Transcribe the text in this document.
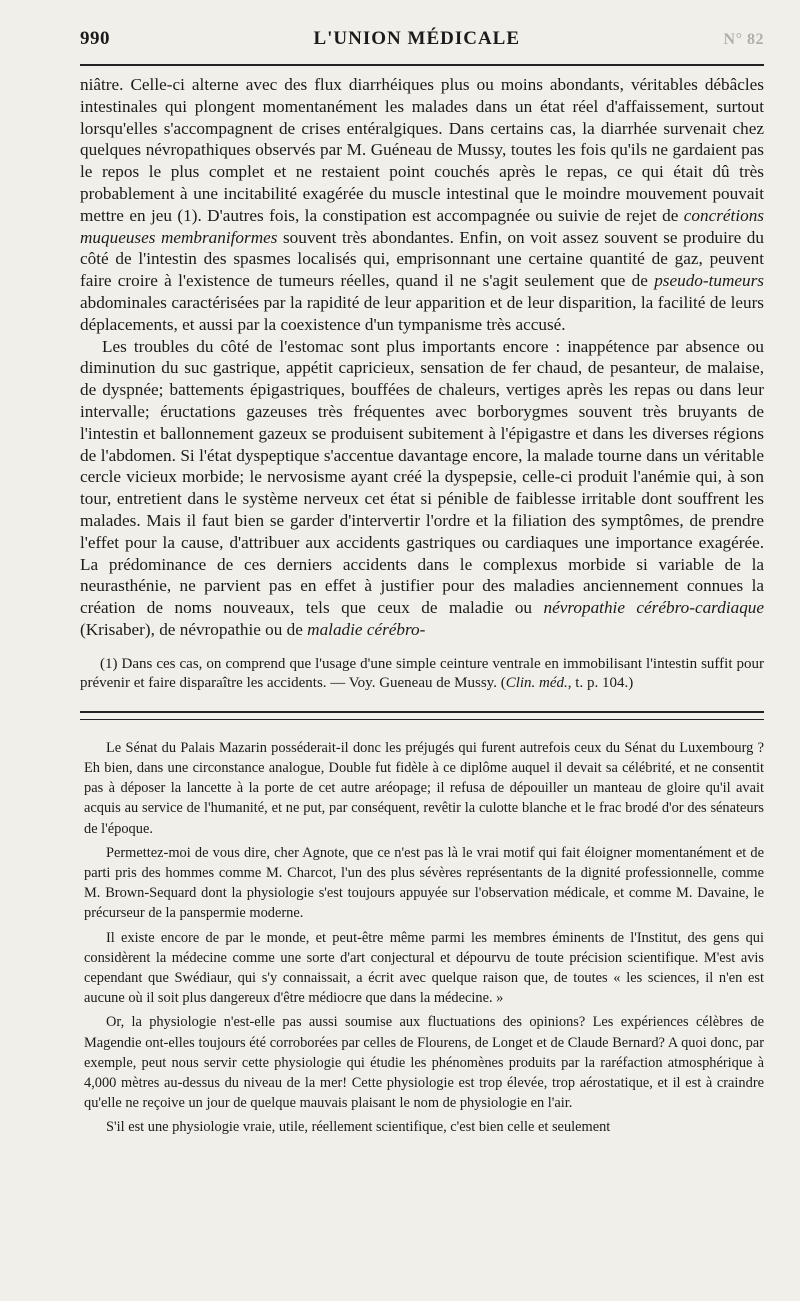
990	L'UNION MÉDICALE	N° 82

niâtre. Celle-ci alterne avec des flux diarrhéiques plus ou moins abondants, véritables débâcles intestinales qui plongent momentanément les malades dans un état réel d'affaissement, surtout lorsqu'elles s'accompagnent de crises entéralgiques. Dans certains cas, la diarrhée survenait chez quelques névropathiques observés par M. Guéneau de Mussy, toutes les fois qu'ils ne gardaient pas le repos le plus complet et ne restaient point couchés après le repas, ce qui était dû très probablement à une incitabilité exagérée du muscle intestinal que le moindre mouvement pouvait mettre en jeu (1). D'autres fois, la constipation est accompagnée ou suivie de rejet de concrétions muqueuses membraniformes souvent très abondantes. Enfin, on voit assez souvent se produire du côté de l'intestin des spasmes localisés qui, emprisonnant une certaine quantité de gaz, peuvent faire croire à l'existence de tumeurs réelles, quand il ne s'agit seulement que de pseudo-tumeurs abdominales caractérisées par la rapidité de leur apparition et de leur disparition, la facilité de leurs déplacements, et aussi par la coexistence d'un tympanisme très accusé.

Les troubles du côté de l'estomac sont plus importants encore : inappétence par absence ou diminution du suc gastrique, appétit capricieux, sensation de fer chaud, de pesanteur, de malaise, de dyspnée; battements épigastriques, bouffées de chaleurs, vertiges après les repas ou dans leur intervalle; éructations gazeuses très fréquentes avec borborygmes souvent très bruyants de l'intestin et ballonnement gazeux se produisent subitement à l'épigastre et dans les diverses régions de l'abdomen. Si l'état dyspeptique s'accentue davantage encore, la malade tourne dans un véritable cercle vicieux morbide; le nervosisme ayant créé la dyspepsie, celle-ci produit l'anémie qui, à son tour, entretient dans le système nerveux cet état si pénible de faiblesse irritable dont souffrent les malades. Mais il faut bien se garder d'intervertir l'ordre et la filiation des symptômes, de prendre l'effet pour la cause, d'attribuer aux accidents gastriques ou cardiaques une importance exagérée. La prédominance de ces derniers accidents dans le complexus morbide si variable de la neurasthénie, ne parvient pas en effet à justifier pour des maladies anciennement connues la création de noms nouveaux, tels que ceux de maladie ou névropathie cérébro-cardiaque (Krisaber), de névropathie ou de maladie cérébro-

(1) Dans ces cas, on comprend que l'usage d'une simple ceinture ventrale en immobilisant l'intestin suffit pour prévenir et faire disparaître les accidents. — Voy. Gueneau de Mussy. (Clin. méd., t. p. 104.)

Le Sénat du Palais Mazarin posséderait-il donc les préjugés qui furent autrefois ceux du Sénat du Luxembourg ? Eh bien, dans une circonstance analogue, Double fut fidèle à ce diplôme auquel il devait sa célébrité, et ne consentit pas à déposer la lancette à la porte de cet autre aréopage; il refusa de dépouiller un manteau de gloire qu'il avait acquis au service de l'humanité, et ne put, par conséquent, revêtir la culotte blanche et le frac brodé d'or des sénateurs de l'époque.

Permettez-moi de vous dire, cher Agnote, que ce n'est pas là le vrai motif qui fait éloigner momentanément et de parti pris des hommes comme M. Charcot, l'un des plus sévères représentants de la dignité professionnelle, comme M. Brown-Sequard dont la physiologie s'est toujours appuyée sur l'observation médicale, et comme M. Davaine, le précurseur de la panspermie moderne.

Il existe encore de par le monde, et peut-être même parmi les membres éminents de l'Institut, des gens qui considèrent la médecine comme une sorte d'art conjectural et dépourvu de toute précision scientifique. M'est avis cependant que Swédiaur, qui s'y connaissait, a écrit avec quelque raison que, de toutes « les sciences, il n'en est aucune où il soit plus dangereux d'être médiocre que dans la médecine. »

Or, la physiologie n'est-elle pas aussi soumise aux fluctuations des opinions? Les expériences célèbres de Magendie ont-elles toujours été corroborées par celles de Flourens, de Longet et de Claude Bernard? A quoi donc, par exemple, peut nous servir cette physiologie qui étudie les phénomènes produits par la raréfaction atmosphérique à 4,000 mètres au-dessus du niveau de la mer! Cette physiologie est trop élevée, trop aérostatique, et il est à craindre qu'elle ne reçoive un jour de quelque mauvais plaisant le nom de physiologie en l'air.

S'il est une physiologie vraie, utile, réellement scientifique, c'est bien celle et seulement
